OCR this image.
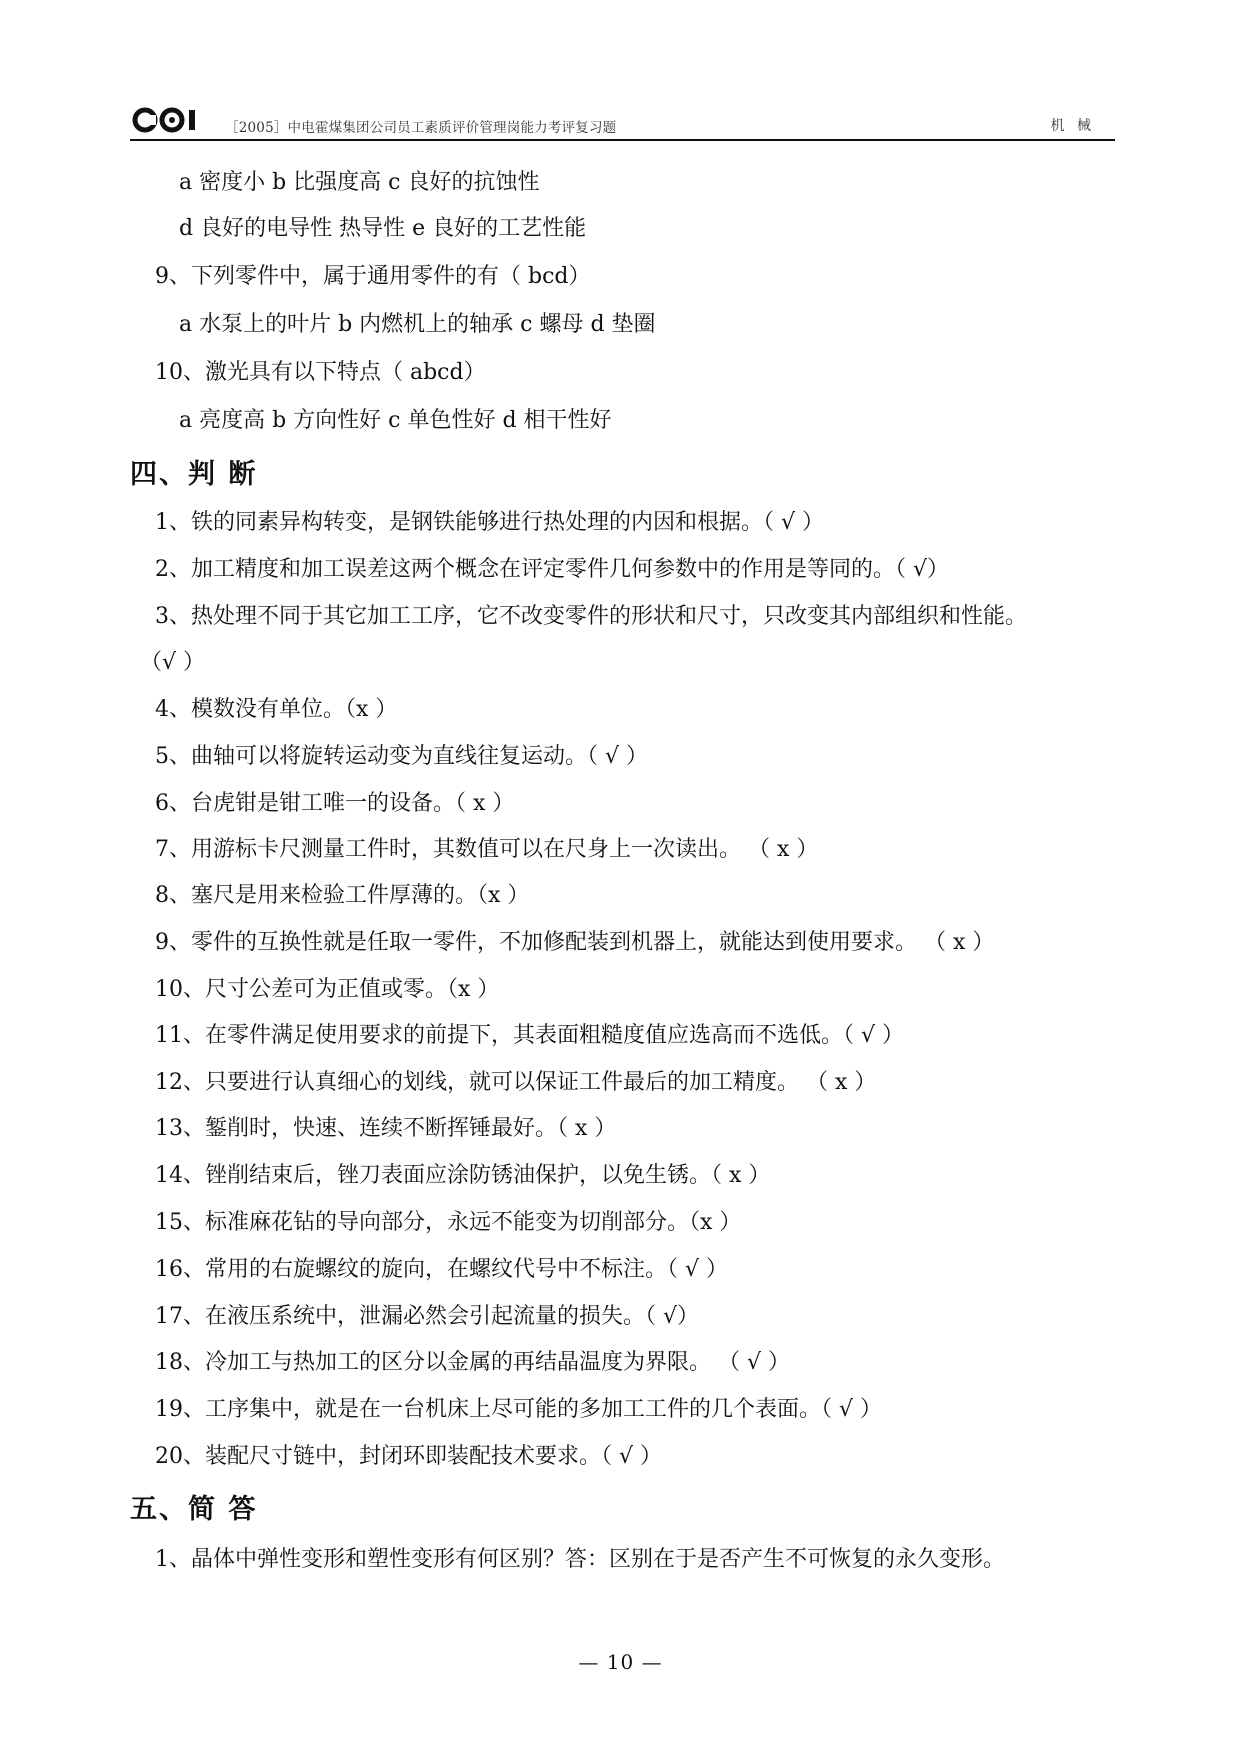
［2005］中电霍煤集团公司员工素质评价管理岗能力考评复习题	机 械
a 密度小 b 比强度高 c 良好的抗蚀性
d 良好的电导性 热导性 e 良好的工艺性能
9、下列零件中，属于通用零件的有（ bcd）
a 水泵上的叶片 b 内燃机上的轴承 c 螺母 d 垫圈
10、激光具有以下特点（ abcd）
a 亮度高 b 方向性好 c 单色性好 d 相干性好
四、判 断
1、铁的同素异构转变，是钢铁能够进行热处理的内因和根据。（ √ ）
2、加工精度和加工误差这两个概念在评定零件几何参数中的作用是等同的。（ √）
3、热处理不同于其它加工工序，它不改变零件的形状和尺寸，只改变其内部组织和性能。
（√ ）
4、模数没有单位。（x ）
5、曲轴可以将旋转运动变为直线往复运动。（ √ ）
6、台虎钳是钳工唯一的设备。（ x ）
7、用游标卡尺测量工件时，其数值可以在尺身上一次读出。 （ x ）
8、塞尺是用来检验工件厚薄的。（x ）
9、零件的互换性就是任取一零件，不加修配装到机器上，就能达到使用要求。 （ x ）
10、尺寸公差可为正值或零。（x ）
11、在零件满足使用要求的前提下，其表面粗糙度值应选高而不选低。（ √ ）
12、只要进行认真细心的划线，就可以保证工件最后的加工精度。 （ x ）
13、錾削时，快速、连续不断挥锤最好。（ x ）
14、锉削结束后，锉刀表面应涂防锈油保护，以免生锈。（ x ）
15、标准麻花钻的导向部分，永远不能变为切削部分。（x ）
16、常用的右旋螺纹的旋向，在螺纹代号中不标注。（ √ ）
17、在液压系统中，泄漏必然会引起流量的损失。（ √）
18、冷加工与热加工的区分以金属的再结晶温度为界限。 （ √ ）
19、工序集中，就是在一台机床上尽可能的多加工工件的几个表面。（ √ ）
20、装配尺寸链中，封闭环即装配技术要求。（ √ ）
五、简 答
1、晶体中弹性变形和塑性变形有何区别？答：区别在于是否产生不可恢复的永久变形。
— 10 —
